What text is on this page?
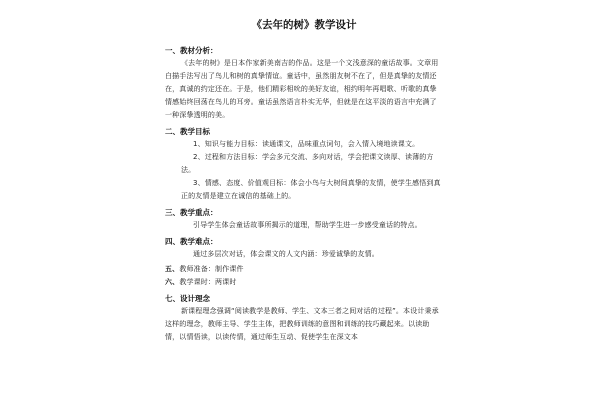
《去年的树》教学设计
一、教材分析：

《去年的树》是日本作家新美南吉的作品。这是一个文浅意深的童话故事。文章用白描手法写出了鸟儿和树的真挚情谊。童话中，虽然朋友树不在了，但是真挚的友情还在，真诚的约定还在。于是，他们精彩相吮的美好友谊，相约明年再唱歌、听歌的真挚情感始终回荡在鸟儿的耳旁。童话虽然语言朴实无华，但就是在这平淡的语言中充满了一种深挚透明的美。

二、教学目标

1、知识与能力目标：读通课文，品味重点词句，会入情入境地读课文。

2、过程和方法目标：学会多元交流、多向对话，学会把课文读厚、读薄的方法。

3、情感、态度、价值观目标：体会小鸟与大树间真挚的友情，使学生感悟到真正的友情是建立在诚信的基础上的。

三、教学重点：

引导学生体会童话故事所揭示的道理，帮助学生进一步感受童话的特点。

四、教学难点：

通过多层次对话，体会课文的人文内涵：珍爱诚挚的友情。

五、教师准备：制作课件

六、教学课时：两课时

七、设计理念

新课程理念强调“阅读教学是教师、学生、文本三者之间对话的过程”。本设计秉承这样的理念，教师主导、学生主体，把教师训练的意图和训练的技巧藏起来。以读助情，以情悟读，以读传情，通过师生互动、促使学生在深文本
